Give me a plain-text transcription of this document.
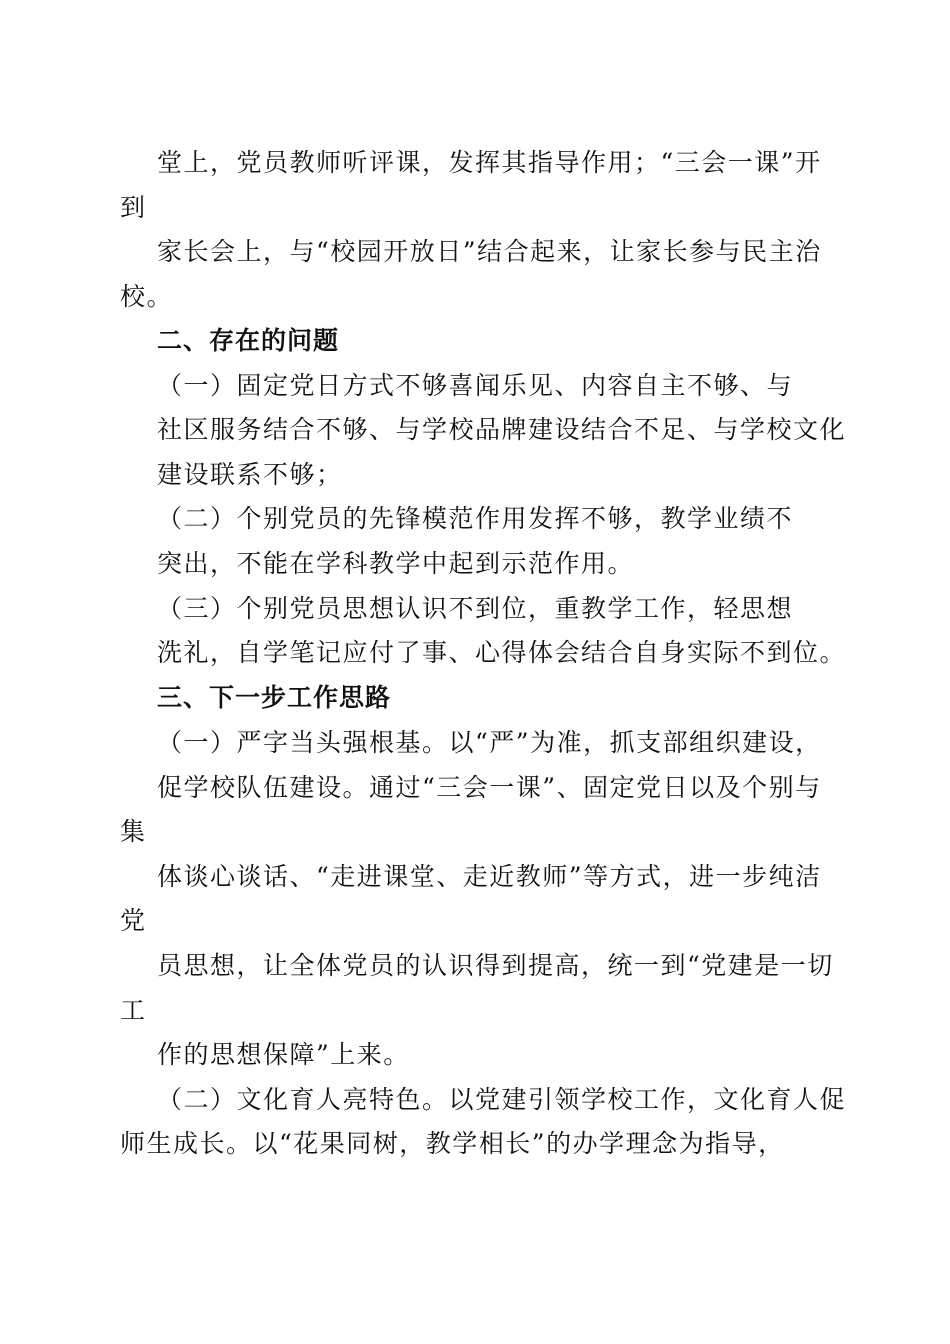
堂上，党员教师听评课，发挥其指导作用；“三会一课”开
到
家长会上，与“校园开放日”结合起来，让家长参与民主治
校。
二、存在的问题
（一）固定党日方式不够喜闻乐见、内容自主不够、与
社区服务结合不够、与学校品牌建设结合不足、与学校文化
建设联系不够；
（二）个别党员的先锋模范作用发挥不够，教学业绩不
突出，不能在学科教学中起到示范作用。
（三）个别党员思想认识不到位，重教学工作，轻思想
洗礼，自学笔记应付了事、心得体会结合自身实际不到位。
三、下一步工作思路
（一）严字当头强根基。以“严”为准，抓支部组织建设，
促学校队伍建设。通过“三会一课”、固定党日以及个别与
集
体谈心谈话、“走进课堂、走近教师”等方式，进一步纯洁
党
员思想，让全体党员的认识得到提高，统一到“党建是一切
工
作的思想保障”上来。
（二）文化育人亮特色。以党建引领学校工作，文化育人促
师生成长。以“花果同树，教学相长”的办学理念为指导，
